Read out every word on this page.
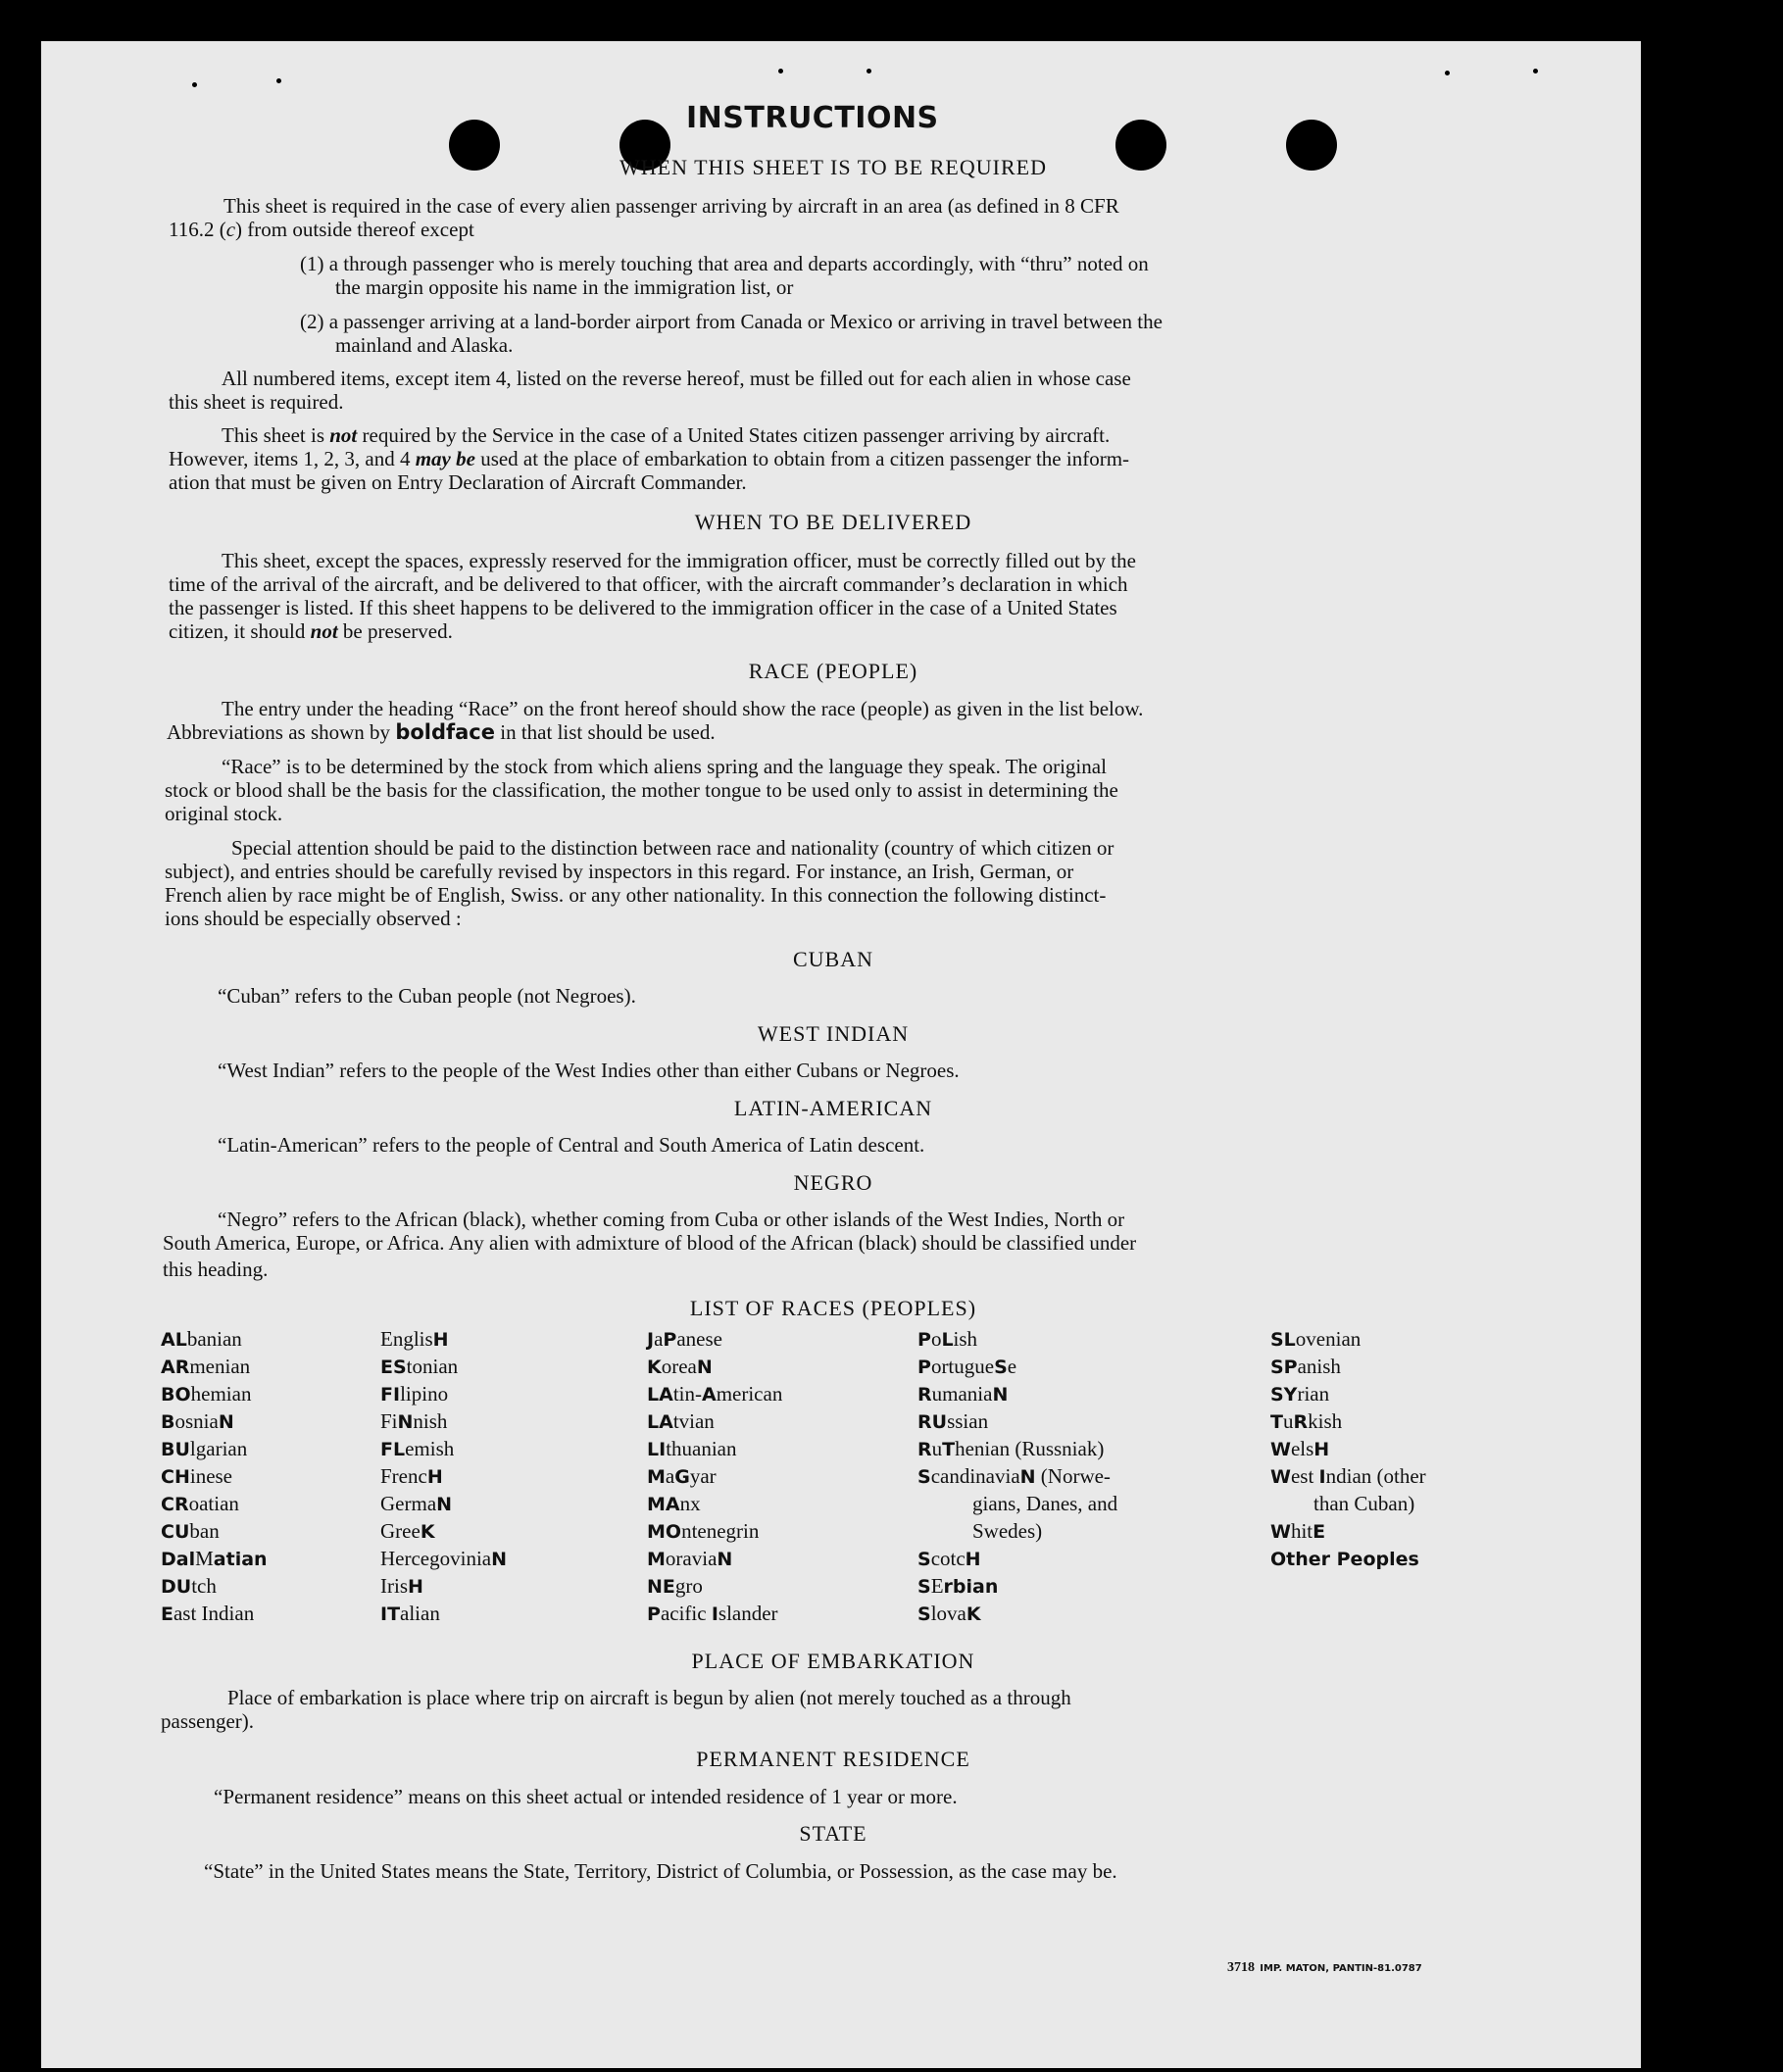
INSTRUCTIONS
WHEN THIS SHEET IS TO BE REQUIRED

This sheet is required in the case of every alien passenger arriving by aircraft in an area (as defined in 8 CFR

116.2 (c) from outside thereof except

(1) a through passenger who is merely touching that area and departs accordingly, with “thru” noted on

the margin opposite his name in the immigration list, or

(2) a passenger arriving at a land-border airport from Canada or Mexico or arriving in travel between the

mainland and Alaska.

All numbered items, except item 4, listed on the reverse hereof, must be filled out for each alien in whose case

this sheet is required.

This sheet is not required by the Service in the case of a United States citizen passenger arriving by aircraft.

However, items 1, 2, 3, and 4 may be used at the place of embarkation to obtain from a citizen passenger the inform-

ation that must be given on Entry Declaration of Aircraft Commander.

WHEN TO BE DELIVERED

This sheet, except the spaces, expressly reserved for the immigration officer, must be correctly filled out by the

time of the arrival of the aircraft, and be delivered to that officer, with the aircraft commander’s declaration in which

the passenger is listed. If this sheet happens to be delivered to the immigration officer in the case of a United States

citizen, it should not be preserved.

RACE (PEOPLE)

The entry under the heading “Race” on the front hereof should show the race (people) as given in the list below.

Abbreviations as shown by boldface in that list should be used.

“Race” is to be determined by the stock from which aliens spring and the language they speak. The original

stock or blood shall be the basis for the classification, the mother tongue to be used only to assist in determining the

original stock.

Special attention should be paid to the distinction between race and nationality (country of which citizen or

subject), and entries should be carefully revised by inspectors in this regard. For instance, an Irish, German, or

French alien by race might be of English, Swiss. or any other nationality. In this connection the following distinct-

ions should be especially observed :

CUBAN

“Cuban” refers to the Cuban people (not Negroes).

WEST INDIAN

“West Indian” refers to the people of the West Indies other than either Cubans or Negroes.

LATIN-AMERICAN

“Latin-American” refers to the people of Central and South America of Latin descent.

NEGRO

“Negro” refers to the African (black), whether coming from Cuba or other islands of the West Indies, North or

South America, Europe, or Africa. Any alien with admixture of blood of the African (black) should be classified under

this heading.

LIST OF RACES (PEOPLES)
ALbanian
ARmenian
BOhemian
BosniaN
BUlgarian
CHinese
CRoatian
CUban
DalMatian
DUtch
East Indian
EnglisH
EStonian
FIlipino
FiNnish
FLemish
FrencH
GermaN
GreeK
HercegoviniaN
IrisH
ITalian
JaPanese
KoreaN
LAtin-American
LAtvian
LIthuanian
MaGyar
MAnx
MOntenegrin
MoraviaN
NEgro
Pacific Islander
PoLish
PortugueSe
RumaniaN
RUssian
RuThenian (Russniak)
ScandinaviaN (Norwe-
gians, Danes, and
Swedes)
ScotcH
SErbian
SlovaK
SLovenian
SPanish
SYrian
TuRkish
WelsH
West Indian (other
than Cuban)
WhitE
Other Peoples
PLACE OF EMBARKATION

Place of embarkation is place where trip on aircraft is begun by alien (not merely touched as a through

passenger).

PERMANENT RESIDENCE

“Permanent residence” means on this sheet actual or intended residence of 1 year or more.

STATE

“State” in the United States means the State, Territory, District of Columbia, or Possession, as the case may be.

3718 IMP. MATON, PANTIN-81.0787
